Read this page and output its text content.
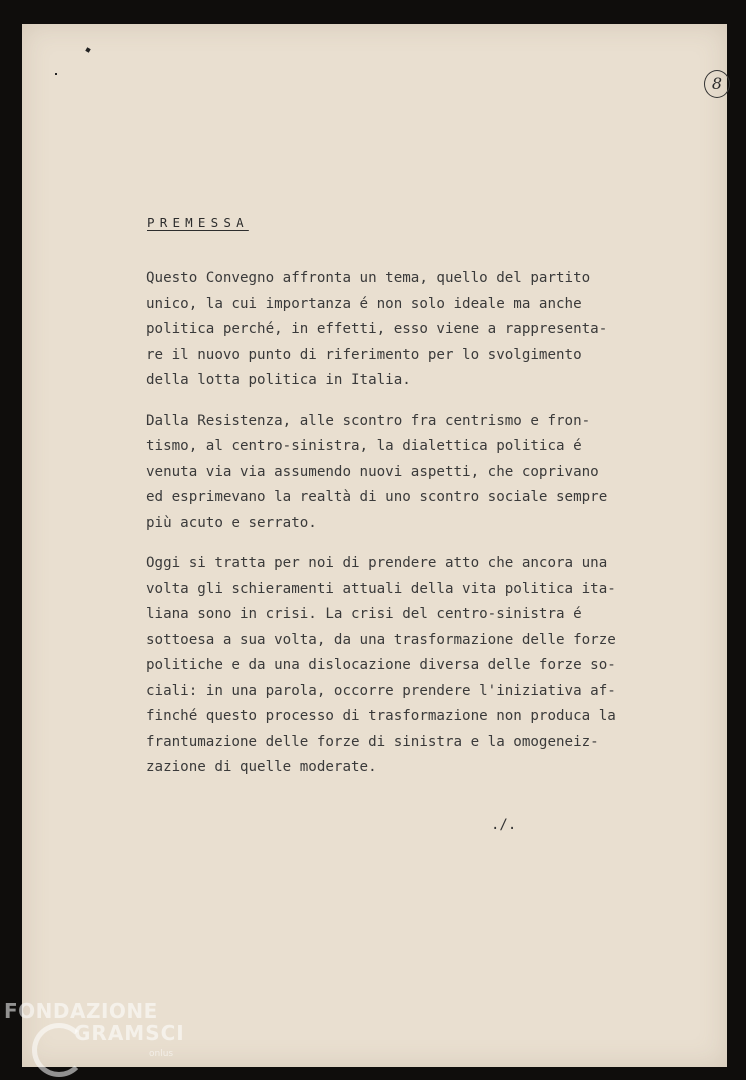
8
PREMESSA

Questo Convegno affronta un tema, quello del partito
unico, la cui importanza é non solo ideale ma anche
politica perché, in effetti, esso viene a rappresenta-
re il nuovo punto di riferimento per lo svolgimento
della lotta politica in Italia.

Dalla Resistenza, alle scontro fra centrismo e fron-
tismo, al centro-sinistra, la dialettica politica é
venuta via via assumendo nuovi aspetti, che coprivano
ed esprimevano la realtà di uno scontro sociale sempre
più acuto e serrato.

Oggi si tratta per noi di prendere atto che ancora una
volta gli schieramenti attuali della vita politica ita-
liana sono in crisi. La crisi del centro-sinistra é
sottoesa a sua volta, da una trasformazione delle forze
politiche e da una dislocazione diversa delle forze so-
ciali: in una parola, occorre prendere l'iniziativa af-
finché questo processo di trasformazione non produca la
frantumazione delle forze di sinistra e la omogeneiz-
zazione di quelle moderate.

./.
FONDAZIONE
GRAMSCI
onlus
